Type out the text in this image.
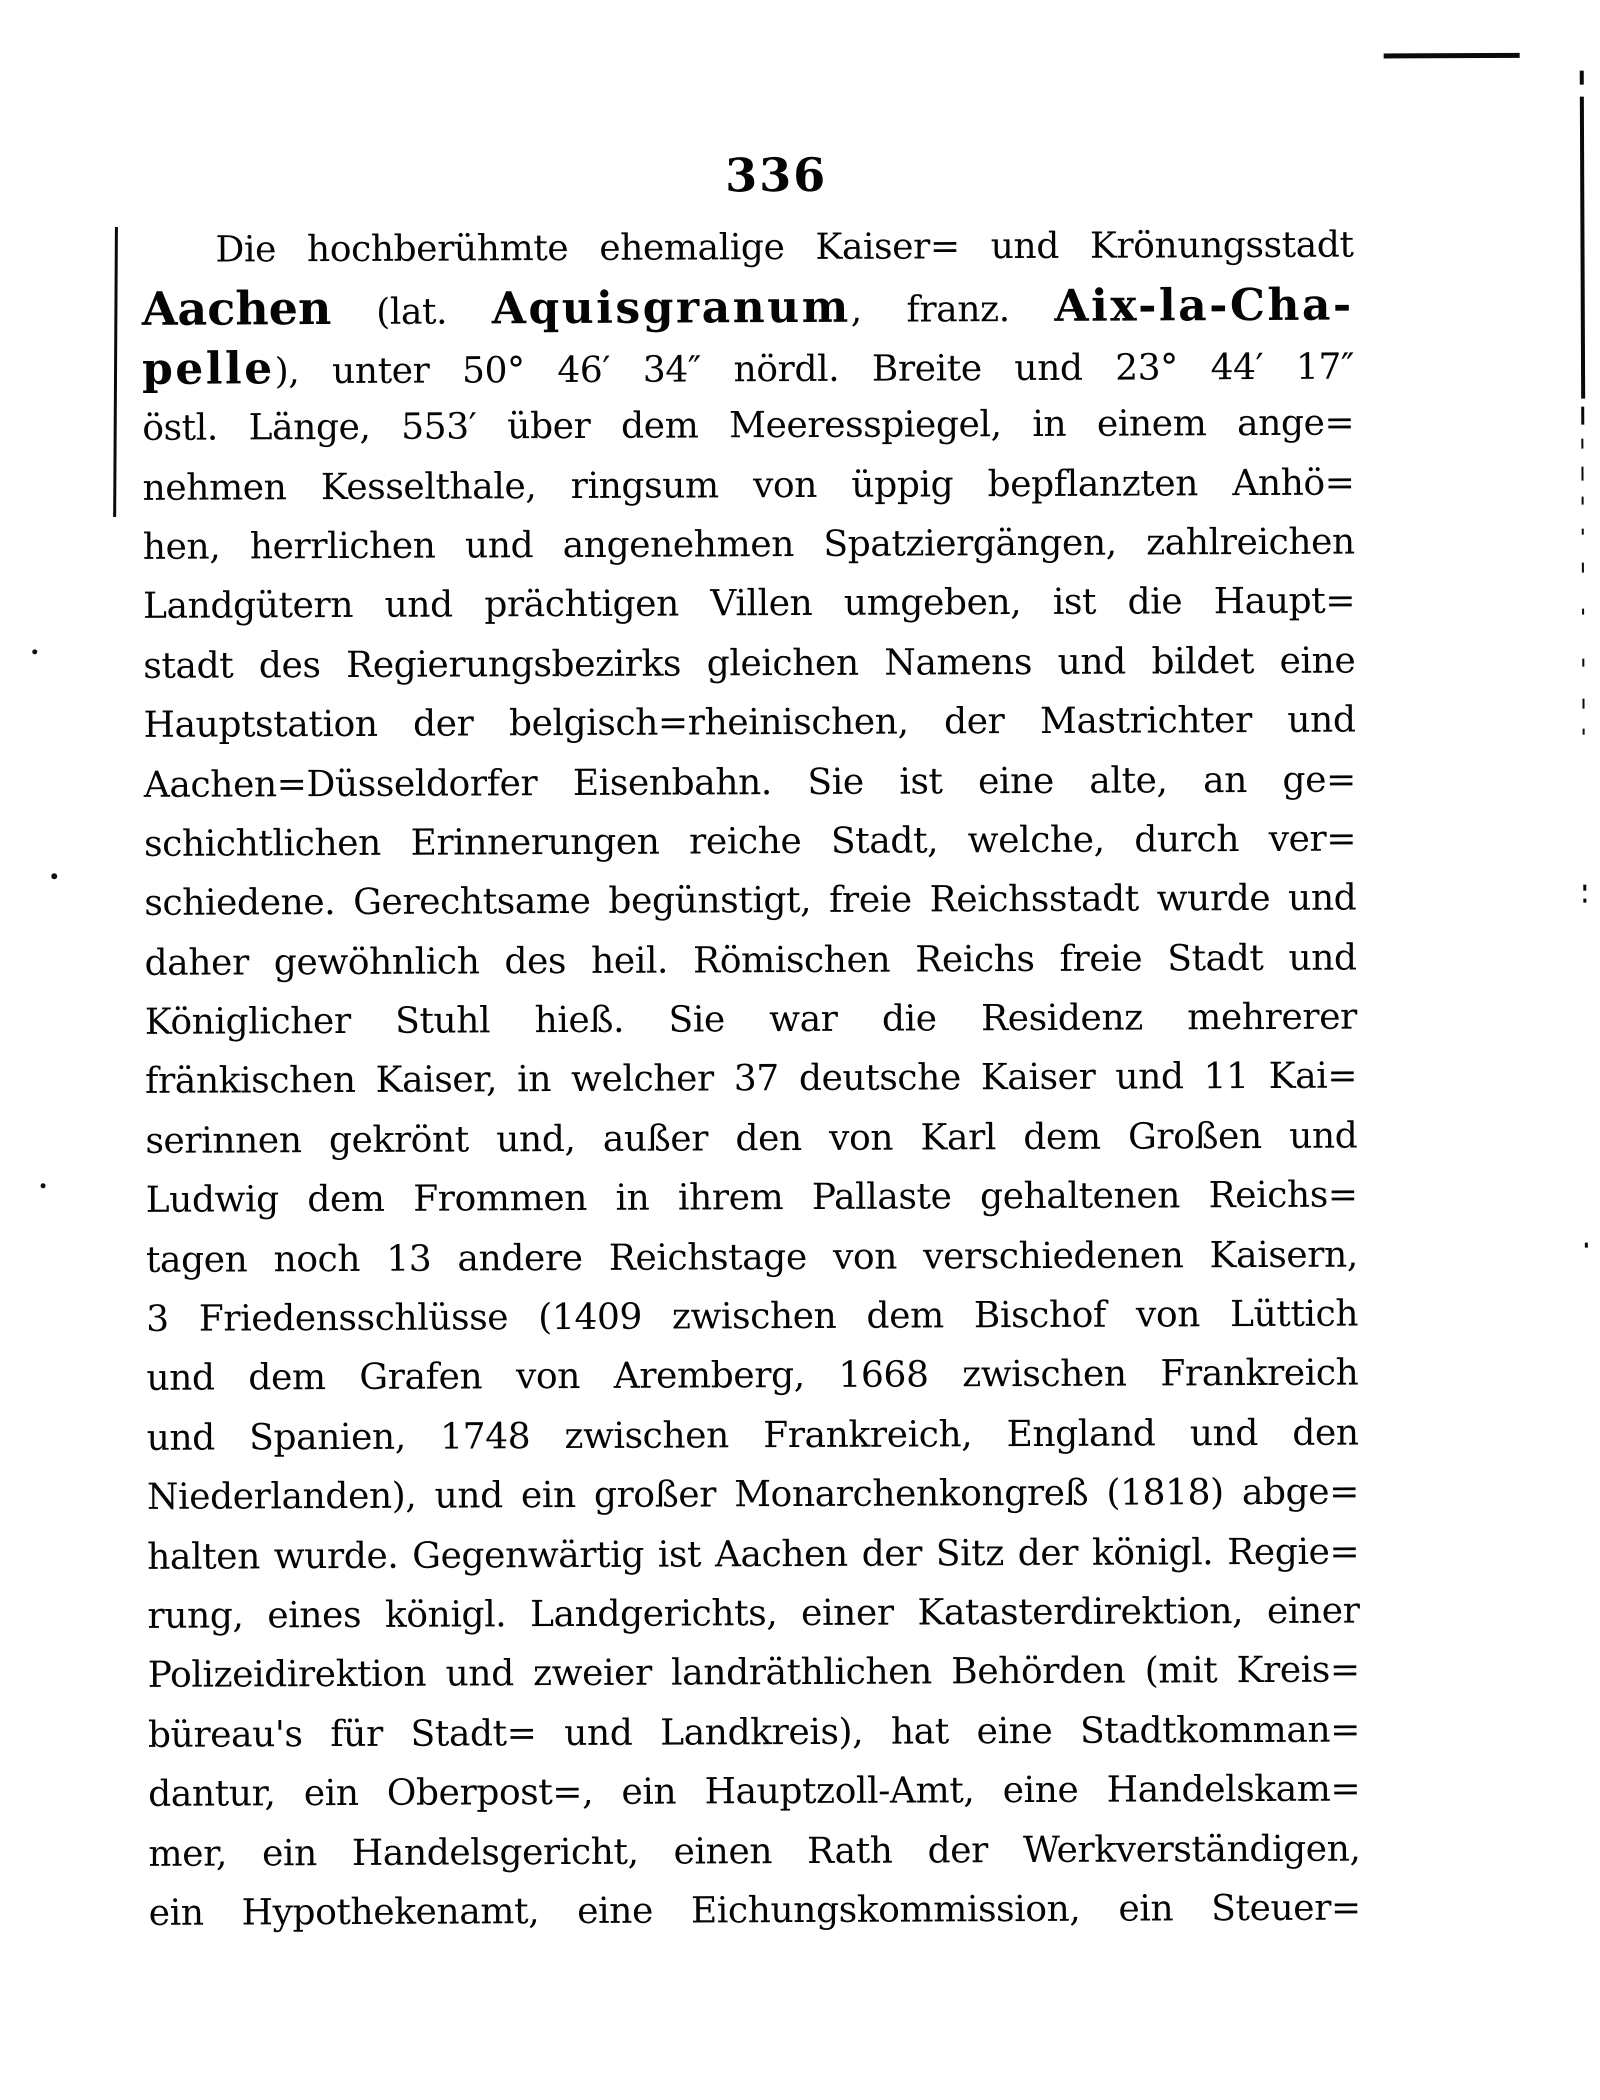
336
Die hochberühmte ehemalige Kaiser= und Krönungsstadt
Aachen (lat. Aquisgranum, franz. Aix-la-Cha-
pelle), unter 50° 46′ 34″ nördl. Breite und 23° 44′ 17″
östl. Länge, 553′ über dem Meeresspiegel, in einem ange=
nehmen Kesselthale, ringsum von üppig bepflanzten Anhö=
hen, herrlichen und angenehmen Spatziergängen, zahlreichen
Landgütern und prächtigen Villen umgeben, ist die Haupt=
stadt des Regierungsbezirks gleichen Namens und bildet eine
Hauptstation der belgisch=rheinischen, der Mastrichter und
Aachen=Düsseldorfer Eisenbahn. Sie ist eine alte, an ge=
schichtlichen Erinnerungen reiche Stadt, welche, durch ver=
schiedene. Gerechtsame begünstigt, freie Reichsstadt wurde und
daher gewöhnlich des heil. Römischen Reichs freie Stadt und
Königlicher Stuhl hieß. Sie war die Residenz mehrerer
fränkischen Kaiser, in welcher 37 deutsche Kaiser und 11 Kai=
serinnen gekrönt und, außer den von Karl dem Großen und
Ludwig dem Frommen in ihrem Pallaste gehaltenen Reichs=
tagen noch 13 andere Reichstage von verschiedenen Kaisern,
3 Friedensschlüsse (1409 zwischen dem Bischof von Lüttich
und dem Grafen von Aremberg, 1668 zwischen Frankreich
und Spanien, 1748 zwischen Frankreich, England und den
Niederlanden), und ein großer Monarchenkongreß (1818) abge=
halten wurde. Gegenwärtig ist Aachen der Sitz der königl. Regie=
rung, eines königl. Landgerichts, einer Katasterdirektion, einer
Polizeidirektion und zweier landräthlichen Behörden (mit Kreis=
büreau's für Stadt= und Landkreis), hat eine Stadtkomman=
dantur, ein Oberpost=, ein Hauptzoll-Amt, eine Handelskam=
mer, ein Handelsgericht, einen Rath der Werkverständigen,
ein Hypothekenamt, eine Eichungskommission, ein Steuer=
